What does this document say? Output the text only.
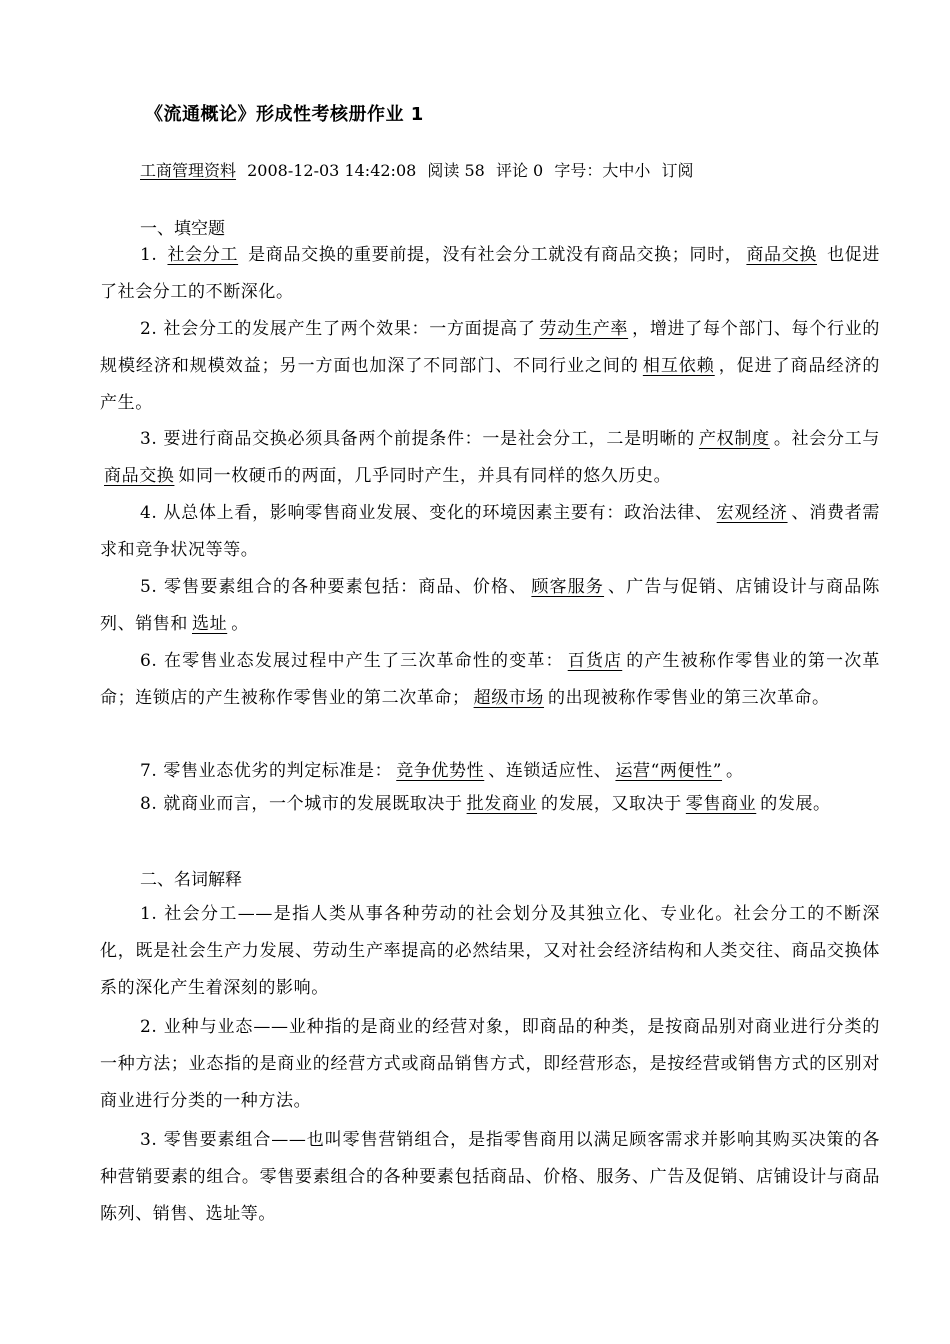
《流通概论》形成性考核册作业 1
工商管理资料 2008-12-03 14:42:08 阅读 58 评论 0 字号：大中小 订阅
一、填空题
1. 社会分工 是商品交换的重要前提，没有社会分工就没有商品交换；同时， 商品交换 也促进了社会分工的不断深化。
2. 社会分工的发展产生了两个效果：一方面提高了 劳动生产率 ，增进了每个部门、每个行业的规模经济和规模效益；另一方面也加深了不同部门、不同行业之间的 相互依赖 ，促进了商品经济的产生。
3. 要进行商品交换必须具备两个前提条件：一是社会分工，二是明晰的 产权制度 。社会分工与商品交换 如同一枚硬币的两面，几乎同时产生，并具有同样的悠久历史。
4. 从总体上看，影响零售商业发展、变化的环境因素主要有：政治法律、 宏观经济 、消费者需求和竞争状况等等。
5. 零售要素组合的各种要素包括：商品、价格、 顾客服务 、广告与促销、店铺设计与商品陈列、销售和 选址 。
6. 在零售业态发展过程中产生了三次革命性的变革： 百货店 的产生被称作零售业的第一次革命；连锁店的产生被称作零售业的第二次革命； 超级市场 的出现被称作零售业的第三次革命。
7. 零售业态优劣的判定标准是： 竞争优势性 、连锁适应性、 运营“两便性” 。
8. 就商业而言，一个城市的发展既取决于 批发商业 的发展，又取决于 零售商业 的发展。
二、名词解释
1. 社会分工——是指人类从事各种劳动的社会划分及其独立化、专业化。社会分工的不断深化，既是社会生产力发展、劳动生产率提高的必然结果，又对社会经济结构和人类交往、商品交换体系的深化产生着深刻的影响。
2. 业种与业态——业种指的是商业的经营对象，即商品的种类，是按商品别对商业进行分类的一种方法；业态指的是商业的经营方式或商品销售方式，即经营形态，是按经营或销售方式的区别对商业进行分类的一种方法。
3. 零售要素组合——也叫零售营销组合，是指零售商用以满足顾客需求并影响其购买决策的各种营销要素的组合。零售要素组合的各种要素包括商品、价格、服务、广告及促销、店铺设计与商品陈列、销售、选址等。
